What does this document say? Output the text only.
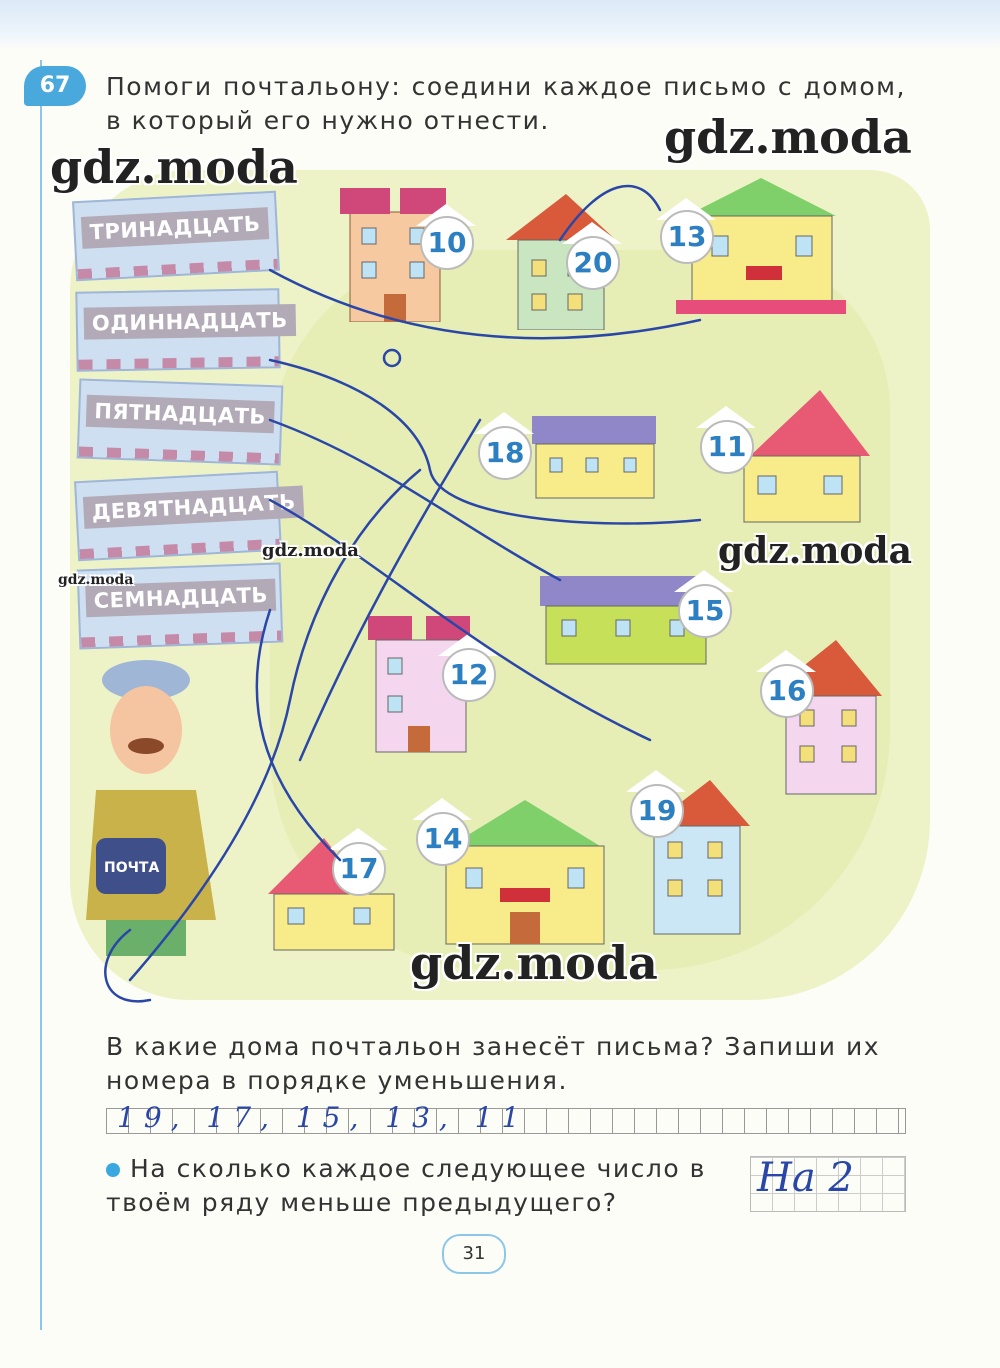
67	Помоги почтальону: соедини каждое письмо с домом, в который его нужно отнести.
ТРИНАДЦАТЬ
ОДИННАДЦАТЬ
ПЯТНАДЦАТЬ
ДЕВЯТНАДЦАТЬ
СЕМНАДЦАТЬ
10
20
13
18	11
15
12	16
17
14
19
ПОЧТА
gdz.moda
gdz.moda
gdz.moda
gdz.moda
gdz.moda
gdz.moda
В какие дома почтальон занесёт письма? Запиши их номера в порядке уменьшения.
19, 17, 15, 13, 11
На сколько каждое следующее число в твоём ряду меньше предыдущего?
На 2
31
